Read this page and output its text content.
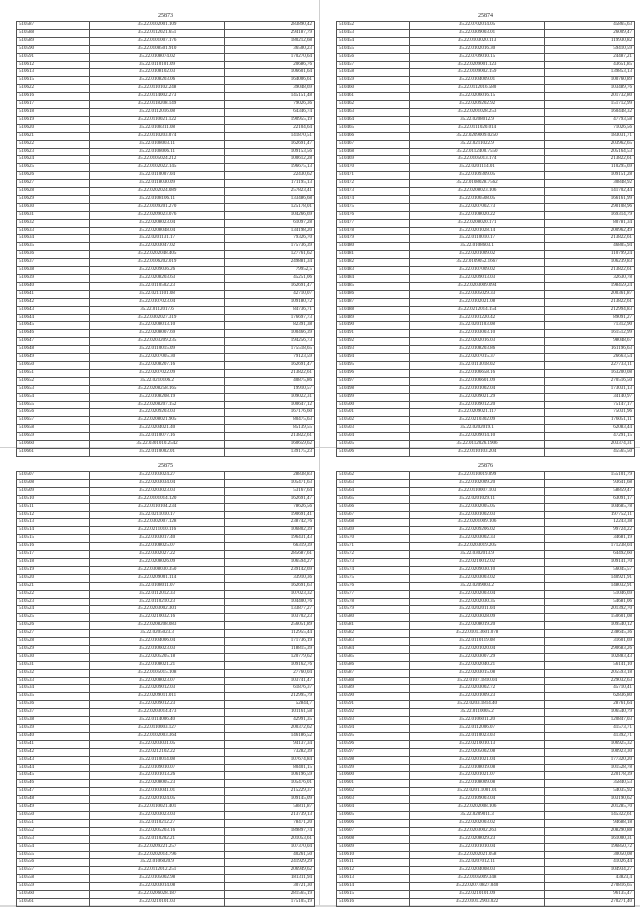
25873
510587	35.22.0102001.109	283890,42
510588	35.22.0112021.651	294187,79
510589	35.22.0101007.176	180212,68
510590	35.22.0108501.910	36500,23
510591	35.22.0108074.02	170270,64
510612	35.22.0110101.09	20686,76
510613	35.22.0108102.03	106601,64
510615	35.22.0108203.06	164006,61
510622	35.22.0110102.248	39048,69
510616	35.22.0114002.273	145151,48
510617	35.22.0118208.149	79026,36
510618	35.22.0112016.08	64346,74
510619	35.22.0110021.122	190955,19
510620	35.22.0108311.08	22104,64
510621	35.22.0110203.074	141870,51
510622	35.22.0108003.11	162691,47
510623	35.22.0108006.11	109153,56
510624	35.22.0105024.212	100612,28
510625	35.22.0102022.145	196675,13
510626	35.22.0110007.04	22430,62
510627	35.22.0118030.09	171195,13
510628	35.22.0202024.089	257823,41
510629	35.22.0108106.11	133486,68
510630	35.22.0109201.270	125178,01
510631	35.22.0209023.076	104266,69
510632	35.22.0208023.04	61097,28
510633	35.22.0208048.04	134198,20
510634	35.22.0201131.17	79326,70
510635	35.22.0203047.02	175736,39
510636	35.22.0202048.405	127761,62
510637	35.22.0106202.019	249881,34
510638	35.22.0209036.26	79952,5
510639	35.22.0208203.63	45251,06
510640	35.22.0110502.23	162691,47
510641	35.22.0211101.08	42710,07
510642	35.22.0107023.04	109180,72
510643	35.22.0112017.6	84736,71
510644	35.22.0302027.319	176697,73
510645	35.22.0208013.10	82391,38
510646	35.22.0208007.69	100466,39
510647	35.22.0203209.235	194256,73
510648	35.22.0110015.09	175518,65
510649	35.22.0207005.30	79123,59
510650	35.22.0208207.16	162691,47
510651	35.22.0207022.09	213822,61
510652	35.22.0210106.2	40875,86
510653	35.22.0208258.165	19910,57
510654	35.22.0108208.19	109022,31
510655	35.22.0208207.152	100647,12
510656	35.22.0209203.03	167176,60
510657	35.22.0208021.905	80475,63
510658	35.22.0204021.40	85139,55
510659	35.22.0110077.16	213822,61
510660	35.22.0301010.2542	160659,62
510661	35.22.0110002.01	139175,23
25874
510452	35.22.0702014.05	45865,63
510453	35.22.0309003.01	26009,47
510454	35.22.0103020.113	119930,82
510455	35.22.0102016.30	59410,59
510456	35.22.0709010.15	24487,21
510457	35.22.0209001.123	43651,85
510458	35.22.0109002.159	139853,13
510459	35.22.0104009.01	100760,89
510460	35.22.0112016.580	103489,76
510461	35.22.0206016.15	201732,80
510462	35.22.0209202.92	151712,99
510463	35.22.0201028.253	160448,32
510464	35.22.0208012.9	47793,58
510465	35.22.0111020.014	71026,56
510466	35.22.0209009.0250	183031,71
510467	35.22.0211022.9	203962,65
510468	35.22.0112400.7550	205164,53
510469	35.22.0105013.174	213822,61
510470	35.22.0201114.01	110295,69
510471	35.22.0109309.05	109151,28
510472	35.22.0108028.7562	30848,92
510473	35.22.0208023.106	141702,44
510474	35.22.0106508.05	166161,99
510475	35.22.0207002.73	290108,96
510476	35.22.0108020.22	169314,79
510477	35.22.0208020.171	80781,34
510478	35.22.0201028.14	200962,49
510479	35.22.0110010.17	213822,61
510480	35.22.0108603.1	46805,94
510481	35.22.0201009.02	110799,24
510482	35.22.0109052.1667	106239,83
510483	35.22.0107009.02	213822,61
510484	35.22.0209013.03	32630,78
510485	35.22.0203009.094	198459,24
510486	35.22.0305029.33	200361,87
510487	35.22.0102021.08	213822,61
510488	35.22.0212014.154	212994,83
510489	35.22.0101220.42	89091,27
510490	35.22.0201103.08	71312,90
510491	35.22.0103003.10	161512,99
510492	35.22.0202016.03	98048,67
510493	35.22.0108203.86	161196,63
510494	35.22.0207015.37	26663,54
510495	35.22.0113018.02	227733,11
510496	35.22.0106658.16	163200,08
510497	35.22.0106601.09	270516,50
510498	35.22.0101002.04	173031,13
510499	35.22.0209021.29	34140,97
510500	35.22.0109012.20	75147,17
510501	35.22.0209021.117	75031,96
510502	35.22.0210302.09	176051,11
510503	35.22.0202019.1	62083,44
510504	35.22.0209014.10	47291,15
510505	35.22.0112026.1906	203374,31
510506	35.22.0110103.204	45565,50
25875
510507	35.22.0103024.27	28838,83
510508	35.22.0203034.04	105471,63
510509	35.22.0203023.03	53167,64
510510	35.22.0101014.120	162691,47
510511	35.22.0110104.234	78626,56
510512	35.22.0211010.17	190691,41
510513	35.22.0302007.128	238742,76
510514	35.22.0211010.116	106802,39
510515	35.22.0103017.40	196431,43
510516	35.22.0108025.07	66319,39
510517	35.22.0302027.22	285687,61
510518	35.22.0208026.09	106594,27
510519	35.22.0308030.350	239142,69
510520	35.22.0209001.114	33910,36
510521	35.22.0108011.07	162691,63
510522	35.22.0112012.33	107023,32
510523	35.22.0110210.23	104400,76
510524	35.22.0203002.301	133877,27
510525	35.22.0210032.16	103702,23
510526	35.22.0208208.083	256051,89
510527	35.22.0205023.3	112955,44
510528	35.22.0104006.04	171736,19
510529	35.22.0106023.03	118815,39
510530	35.22.0205205.18	120779,62
510531	35.22.0108021.21	109162,76
510532	35.22.0105015.108	27760,04
510533	35.22.0208023.07	103741,47
510534	35.22.0209012.03	61876,37
510535	35.22.0209011.011	212995,79
510536	35.22.0209012.23	52844,7
510537	35.22.0203014.473	101161,58
510538	35.22.0114006.40	42991,35
510539	35.22.0110003.127	200372,62
510540	35.22.0102003.364	146186,52
510541	35.22.0203031.05	94137,34
510542	35.22.0212102.22	73282,39
510543	35.22.0110014.08	107674,84
510544	35.22.0109010.07	80401,15
510545	35.22.0101013.26	106196,59
510546	35.22.0208005.23	105476,01
510547	35.22.0103041.01	215229,37
510548	35.22.0201024.05	109145,09
510549	35.22.0110021.401	58811,87
510550	35.22.0203023.03	213739,13
510551	35.22.0110212.27	78471,20
510552	35.22.0205203.16	189897,74
510553	35.22.0110202.21	201053,61
510554	35.22.0209221.257	107370,04
510555	35.22.0202014.796	40261,50
510556	35.22.0106020.9	241929,29
510557	35.22.0112012.251	206949,62
510558	35.22.0105002.98	181311,94
510559	35.22.0203014.08	30721,30
510560	35.22.0206028.187	281565,19
510561	35.22.0210101.03	175105,19
25876
510562	35.22.0110019.099	155101,79
510563	35.22.0102009.20	93641,68
510564	35.22.0110007.103	58859,47
510565	35.22.0201029.11	63091,17
510566	35.22.0302005.05	104685,78
510567	35.22.0301002.03	197752,11
510568	35.22.0201009.106	12243,38
510569	35.22.0209206.02	99724,22
510570	35.22.0203002.33	34681,19
510571	35.22.0203019.205	171238,04
510572	35.22.0302013.9	64492,60
510573	35.22.0210012.02	109141,70
510574	35.22.0209030.10	56045,57
510575	35.22.0203003.02	140921,91
510576	35.22.0209003.2	148032,91
510577	35.22.0202003.04	51046,69
510578	35.22.0202030.35	54681,06
510579	35.22.0202011.04	201392,70
510580	35.22.0203028.09	150601,08
510581	35.22.0208019.20	109540,12
510582	35.22.0101.3601.078	238645,36
510583	35.22.0110119.08	31601,69
510584	35.22.0201020.04	290683,26
510585	35.22.0203007.29	102883,43
510586	35.22.0202040.21	56141,10
510587	35.22.0203015.08	205593,18
510588	35.22.0107.1810.04	229032,63
510589	35.22.0203002.72	45710,41
510590	35.22.0201009.23	62836,80
510591	35.22.0203.1814.40	28761,64
510592	35.22.0110005.2	106540,79
510593	35.22.0106011.20	120847,03
510594	35.22.0112006.07	41573,71
510595	35.22.0110023.03	41392,71
510596	35.22.0210010.13	106925,32
510597	35.22.0205002.08	100923,30
510598	35.22.0201021.04	177320,20
510599	35.22.0108019.08	101528,78
510600	35.22.0201021.07	220178,39
510601	35.22.0108009.08	35840,53
510602	35.22.0201.1001.01	54035,92
510603	35.22.0109003.04	103190,62
510604	35.22.0202008.106	201285,70
510605	35.22.0209011.3	145322,61
510606	35.22.0202003.02	94688,18
510607	35.22.0203002.263	208290,88
510608	35.22.0208029.23	161000,31
510609	35.22.0101010.04	196850,72
510610	35.22.0202021.058	30050,08
510611	35.22.0207012.11	41026,44
510612	35.22.0204008.03	104934,27
510613	35.22.0105009.348	43823,4
510614	35.22.0207.0827.040	270816,65
510615	35.22.0210101.09	96135,47
510616	35.22.0101.2903.022	270271,40
